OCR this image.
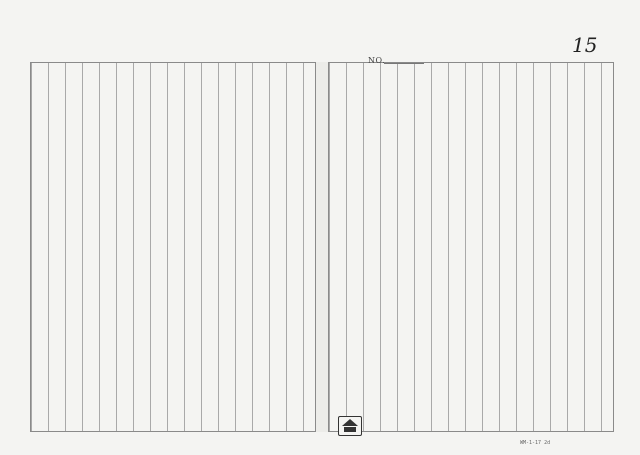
15
NO.
WM-1-17 2d
